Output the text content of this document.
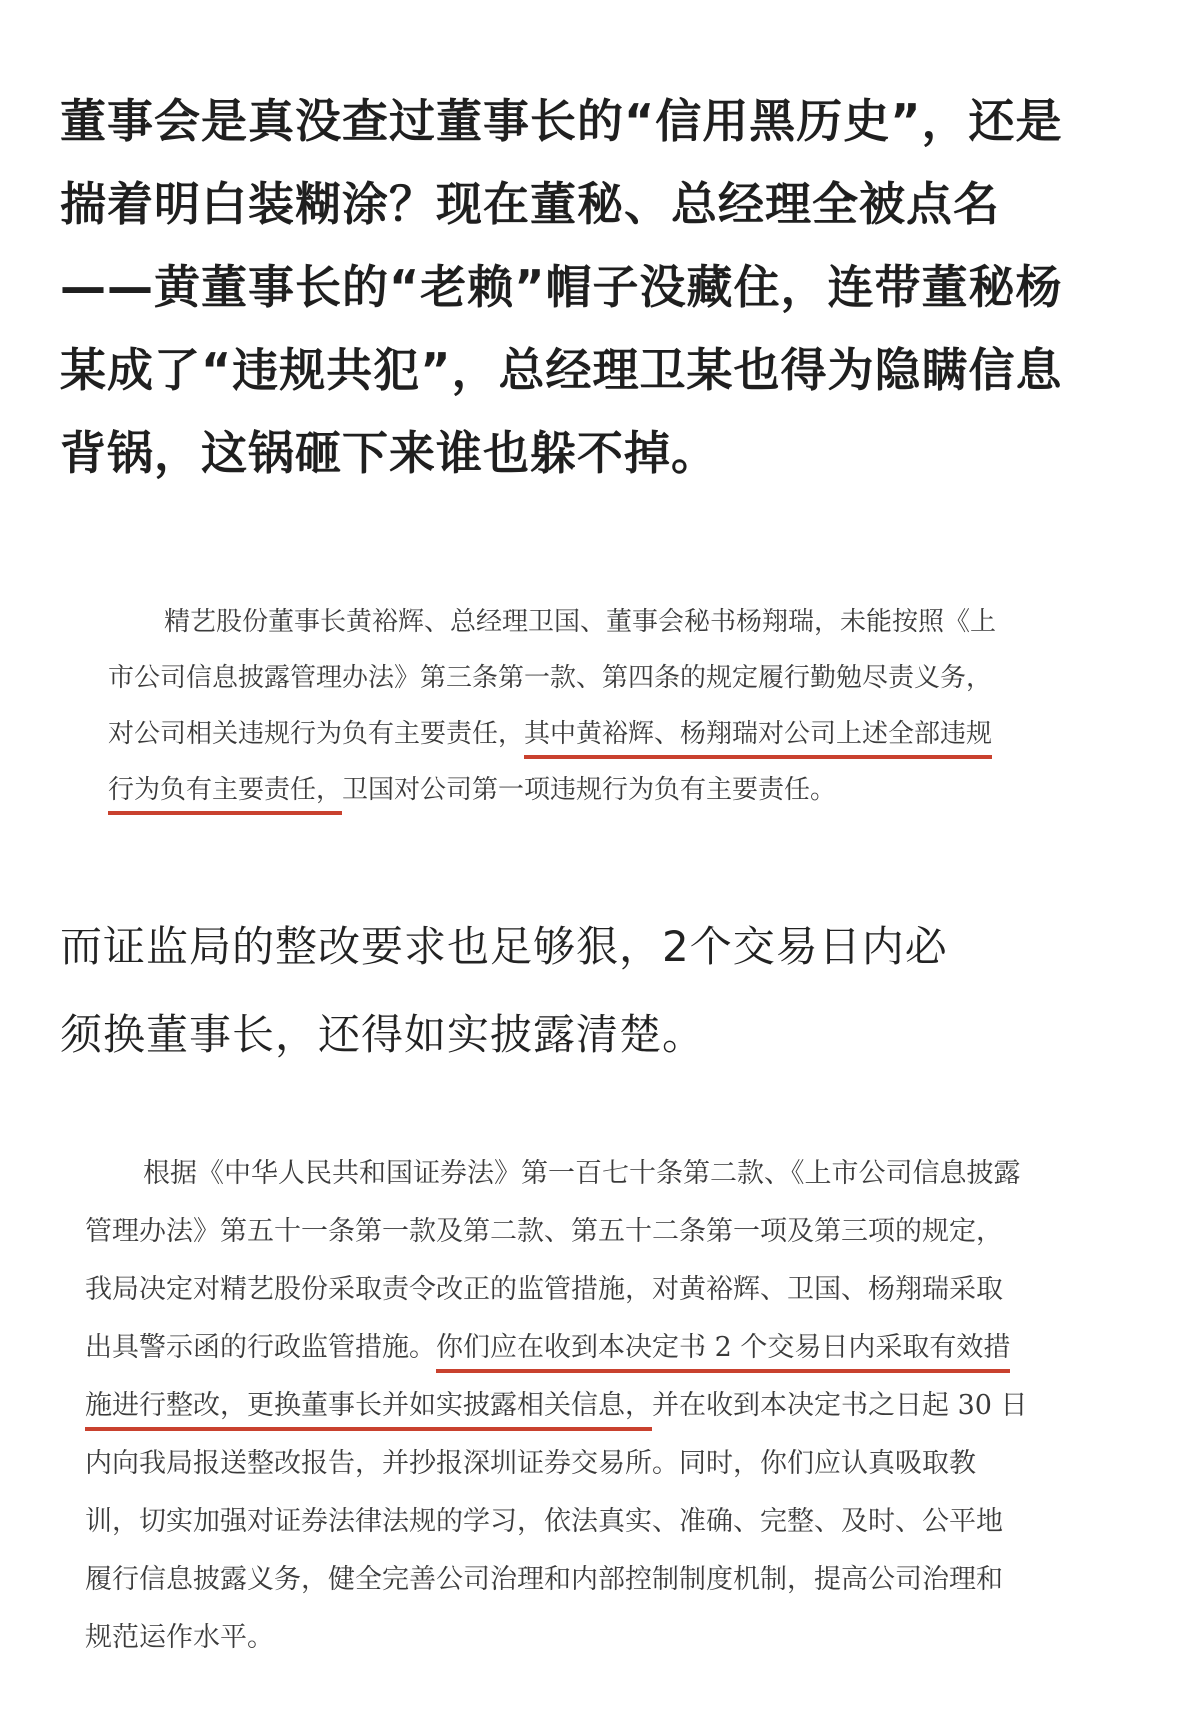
董事会是真没查过董事长的“信用黑历史”，还是
揣着明白装糊涂？现在董秘、总经理全被点名
——黄董事长的“老赖”帽子没藏住，连带董秘杨
某成了“违规共犯”，总经理卫某也得为隐瞒信息
背锅，这锅砸下来谁也躲不掉。
精艺股份董事长黄裕辉、总经理卫国、董事会秘书杨翔瑞，未能按照《上
市公司信息披露管理办法》第三条第一款、第四条的规定履行勤勉尽责义务，
对公司相关违规行为负有主要责任，其中黄裕辉、杨翔瑞对公司上述全部违规
行为负有主要责任，卫国对公司第一项违规行为负有主要责任。
而证监局的整改要求也足够狠，2个交易日内必
须换董事长，还得如实披露清楚。
根据《中华人民共和国证券法》第一百七十条第二款、《上市公司信息披露
管理办法》第五十一条第一款及第二款、第五十二条第一项及第三项的规定，
我局决定对精艺股份采取责令改正的监管措施，对黄裕辉、卫国、杨翔瑞采取
出具警示函的行政监管措施。你们应在收到本决定书 2 个交易日内采取有效措
施进行整改，更换董事长并如实披露相关信息，并在收到本决定书之日起 30 日
内向我局报送整改报告，并抄报深圳证券交易所。同时，你们应认真吸取教
训，切实加强对证券法律法规的学习，依法真实、准确、完整、及时、公平地
履行信息披露义务，健全完善公司治理和内部控制制度机制，提高公司治理和
规范运作水平。
